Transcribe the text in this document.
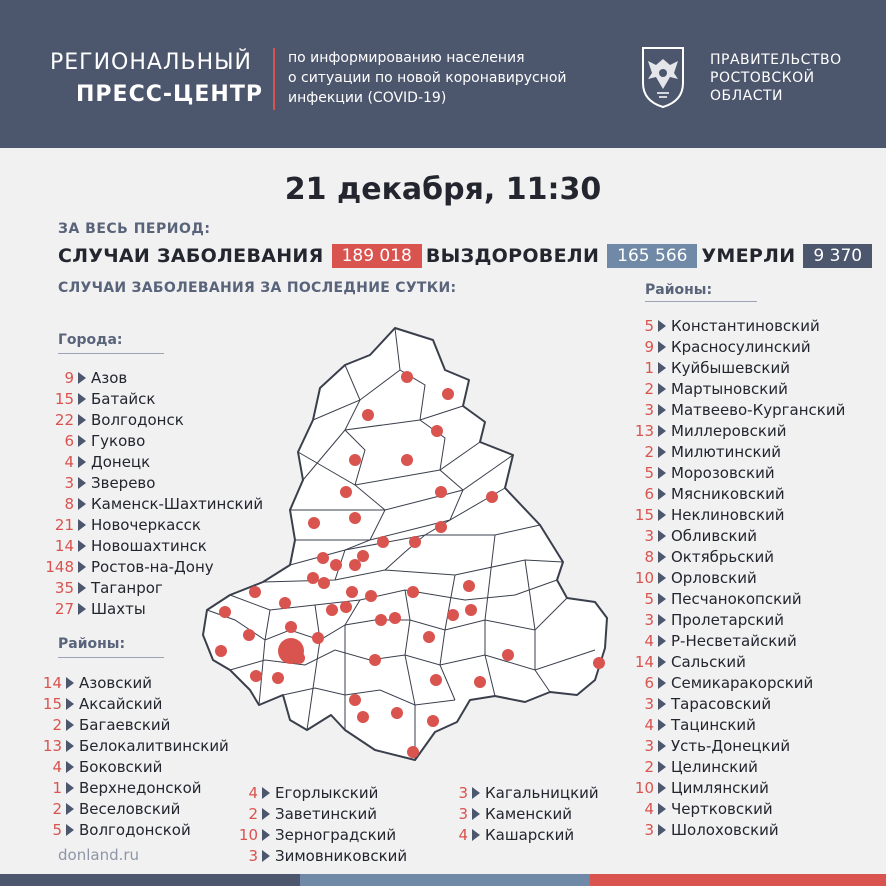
РЕГИОНАЛЬНЫЙ
ПРЕСС-ЦЕНТР
по информированию населения
о ситуации по новой коронавирусной
инфекции (COVID-19)
ПРАВИТЕЛЬСТВО
РОСТОВСКОЙ
ОБЛАСТИ
21 декабря, 11:30
ЗА ВЕСЬ ПЕРИОД:
СЛУЧАИ ЗАБОЛЕВАНИЯ	189 018 ВЫЗДОРОВЕЛИ	165 566 УМЕРЛИ	9 370
СЛУЧАИ ЗАБОЛЕВАНИЯ ЗА ПОСЛЕДНИЕ СУТКИ:
Города:
9 Азов
15 Батайск
22 Волгодонск
6 Гуково
4 Донецк
3 Зверево
8 Каменск-Шахтинский
21 Новочеркасск
14 Новошахтинск
148 Ростов-на-Дону
35 Таганрог
27 Шахты
Районы:
14 Азовский
15 Аксайский
2 Багаевский
13 Белокалитвинский
4 Боковский
1 Верхнедонской
2 Веселовский
5 Волгодонской
4 Егорлыкский
2 Заветинский
10 Зерноградский
3 Зимовниковский
3 Кагальницкий
3 Каменский
4 Кашарский
Районы:
5 Константиновский
9 Красносулинский
1 Куйбышевский
2 Мартыновский
3 Матвеево-Курганский
13 Миллеровский
2 Милютинский
5 Морозовский
6 Мясниковский
15 Неклиновский
3 Обливский
8 Октябрьский
10 Орловский
5 Песчанокопский
3 Пролетарский
4 Р-Несветайский
14 Сальский
6 Семикаракорский
3 Тарасовский
4 Тацинский
3 Усть-Донецкий
2 Целинский
10 Цимлянский
4 Чертковский
3 Шолоховский
donland.ru
